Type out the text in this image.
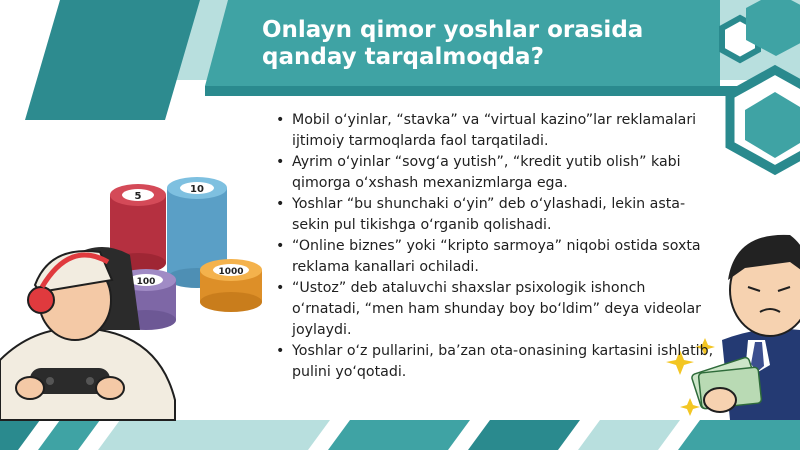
5
10
100
1000
Onlayn qimor yoshlar orasida
qanday tarqalmoqda?
• Mobil o‘yinlar, “stavka” va “virtual kazino”lar reklamalari ijtimoiy tarmoqlarda faol tarqatiladi.
• Ayrim o‘yinlar “sovg‘a yutish”, “kredit yutib olish” kabi qimorga o‘xshash mexanizmlarga ega.
• Yoshlar “bu shunchaki o‘yin” deb o‘ylashadi, lekin asta-sekin pul tikishga o‘rganib qolishadi.
• “Online biznes” yoki “kripto sarmoya” niqobi ostida soxta reklama kanallari ochiladi.
• “Ustoz” deb ataluvchi shaxslar psixologik ishonch o‘rnatadi, “men ham shunday boy bo‘ldim” deya videolar joylaydi.
• Yoshlar o‘z pullarini, ba’zan ota-onasining kartasini ishlatib, pulini yo‘qotadi.
